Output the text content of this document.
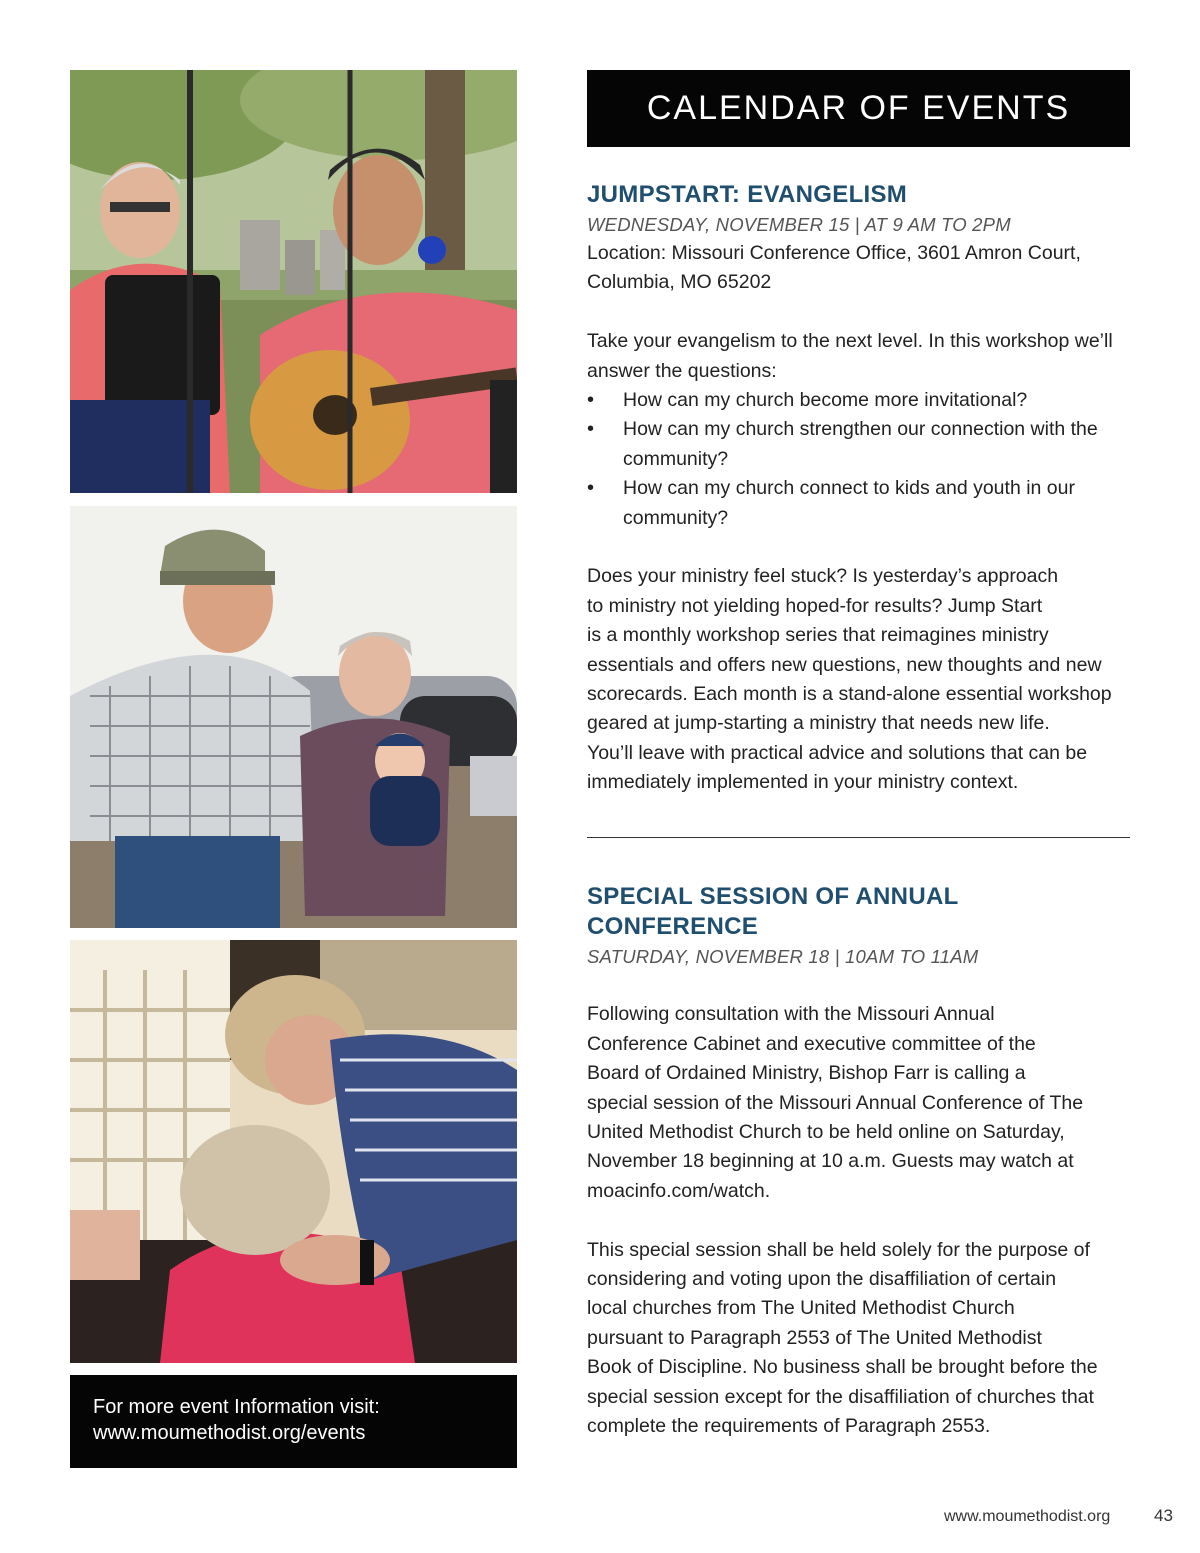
For more event Information visit:
www.moumethodist.org/events
CALENDAR OF EVENTS
JUMPSTART: EVANGELISM
WEDNESDAY, NOVEMBER 15 | AT 9 AM TO 2PM

Location: Missouri Conference Office, 3601 Amron Court,

Columbia, MO 65202

Take your evangelism to the next level. In this workshop we’ll

answer the questions:

• How can my church become more invitational?
• How can my church strengthen our connection with the
community?
• How can my church connect to kids and youth in our
community?

Does your ministry feel stuck? Is yesterday’s approach

to ministry not yielding hoped-for results? Jump Start

is a monthly workshop series that reimagines ministry

essentials and offers new questions, new thoughts and new

scorecards. Each month is a stand-alone essential workshop

geared at jump-starting a ministry that needs new life.

You’ll leave with practical advice and solutions that can be

immediately implemented in your ministry context.

SPECIAL SESSION OF ANNUAL CONFERENCE
SATURDAY, NOVEMBER 18 | 10AM TO 11AM

Following consultation with the Missouri Annual

Conference Cabinet and executive committee of the

Board of Ordained Ministry, Bishop Farr is calling a

special session of the Missouri Annual Conference of The

United Methodist Church to be held online on Saturday,

November 18 beginning at 10 a.m. Guests may watch at

moacinfo.com/watch.

This special session shall be held solely for the purpose of

considering and voting upon the disaffiliation of certain

local churches from The United Methodist Church

pursuant to Paragraph 2553 of The United Methodist

Book of Discipline. No business shall be brought before the

special session except for the disaffiliation of churches that

complete the requirements of Paragraph 2553.

www.moumethodist.org	43
